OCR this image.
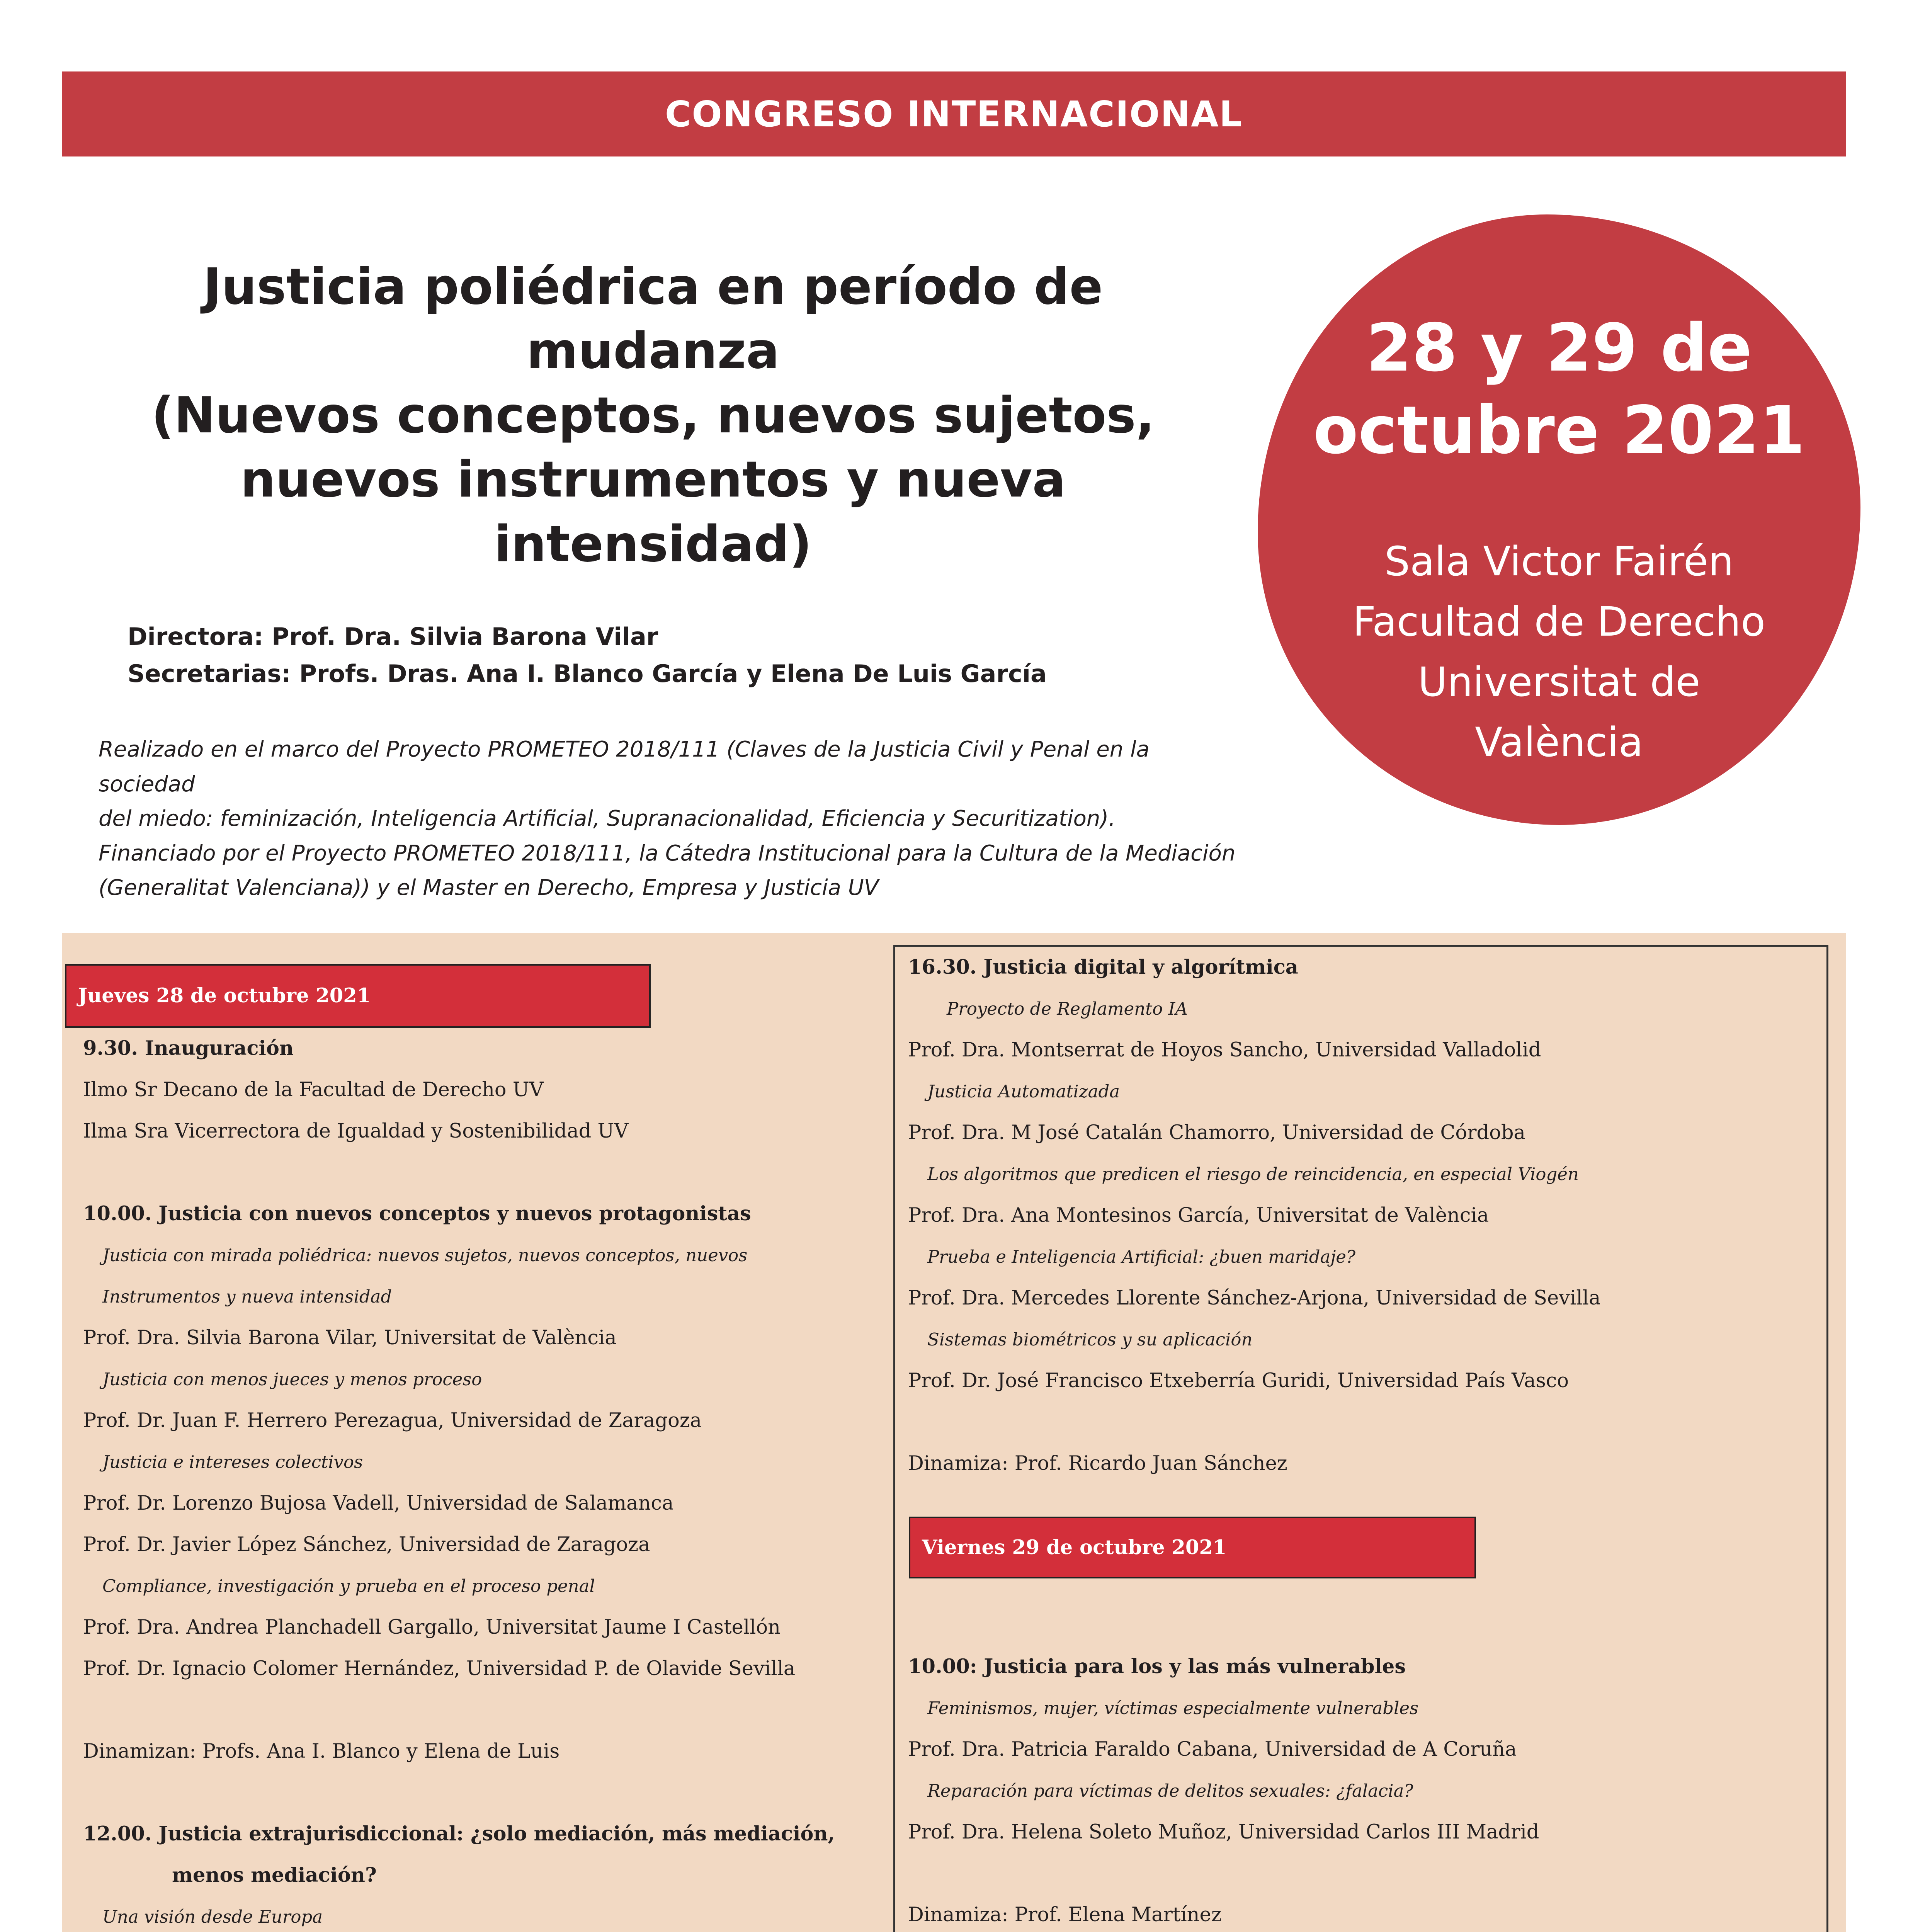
CONGRESO INTERNACIONAL
Justicia poliédrica en período de
mudanza
(Nuevos conceptos, nuevos sujetos,
nuevos instrumentos y nueva intensidad)
Directora: Prof. Dra. Silvia Barona Vilar
Secretarias: Profs. Dras. Ana I. Blanco García y Elena De Luis García
Realizado en el marco del Proyecto PROMETEO 2018/111 (Claves de la Justicia Civil y Penal en la sociedad
del miedo: feminización, Inteligencia Artificial, Supranacionalidad, Eficiencia y Securitization).
Financiado por el Proyecto PROMETEO 2018/111, la Cátedra Institucional para la Cultura de la Mediación
(Generalitat Valenciana)) y el Master en Derecho, Empresa y Justicia UV
28 y 29 de
octubre 2021
Sala Victor Fairén
Facultad de Derecho
Universitat de
València
Jueves 28 de octubre 2021
9.30. Inauguración
Ilmo Sr Decano de la Facultad de Derecho UV
Ilma Sra Vicerrectora de Igualdad y Sostenibilidad UV
10.00. Justicia con nuevos conceptos y nuevos protagonistas
Justicia con mirada poliédrica: nuevos sujetos, nuevos conceptos, nuevos
Instrumentos y nueva intensidad
Prof. Dra. Silvia Barona Vilar, Universitat de València
Justicia con menos jueces y menos proceso
Prof. Dr. Juan F. Herrero Perezagua, Universidad de Zaragoza
Justicia e intereses colectivos
Prof. Dr. Lorenzo Bujosa Vadell, Universidad de Salamanca
Prof. Dr. Javier López Sánchez, Universidad de Zaragoza
Compliance, investigación y prueba en el proceso penal
Prof. Dra. Andrea Planchadell Gargallo, Universitat Jaume I Castellón
Prof. Dr. Ignacio Colomer Hernández, Universidad P. de Olavide Sevilla
Dinamizan: Profs. Ana I. Blanco y Elena de Luis
12.00. Justicia extrajurisdiccional: ¿solo mediación, más mediación,
menos mediación?
Una visión desde Europa
16.30. Justicia digital y algorítmica
Proyecto de Reglamento IA
Prof. Dra. Montserrat de Hoyos Sancho, Universidad Valladolid
Justicia Automatizada
Prof. Dra. M José Catalán Chamorro, Universidad de Córdoba
Los algoritmos que predicen el riesgo de reincidencia, en especial Viogén
Prof. Dra. Ana Montesinos García, Universitat de València
Prueba e Inteligencia Artificial: ¿buen maridaje?
Prof. Dra. Mercedes Llorente Sánchez-Arjona, Universidad de Sevilla
Sistemas biométricos y su aplicación
Prof. Dr. José Francisco Etxeberría Guridi, Universidad País Vasco
Dinamiza: Prof. Ricardo Juan Sánchez
Viernes 29 de octubre 2021
10.00: Justicia para los y las más vulnerables
Feminismos, mujer, víctimas especialmente vulnerables
Prof. Dra. Patricia Faraldo Cabana, Universidad de A Coruña
Reparación para víctimas de delitos sexuales: ¿falacia?
Prof. Dra. Helena Soleto Muñoz, Universidad Carlos III Madrid
Dinamiza: Prof. Elena Martínez
